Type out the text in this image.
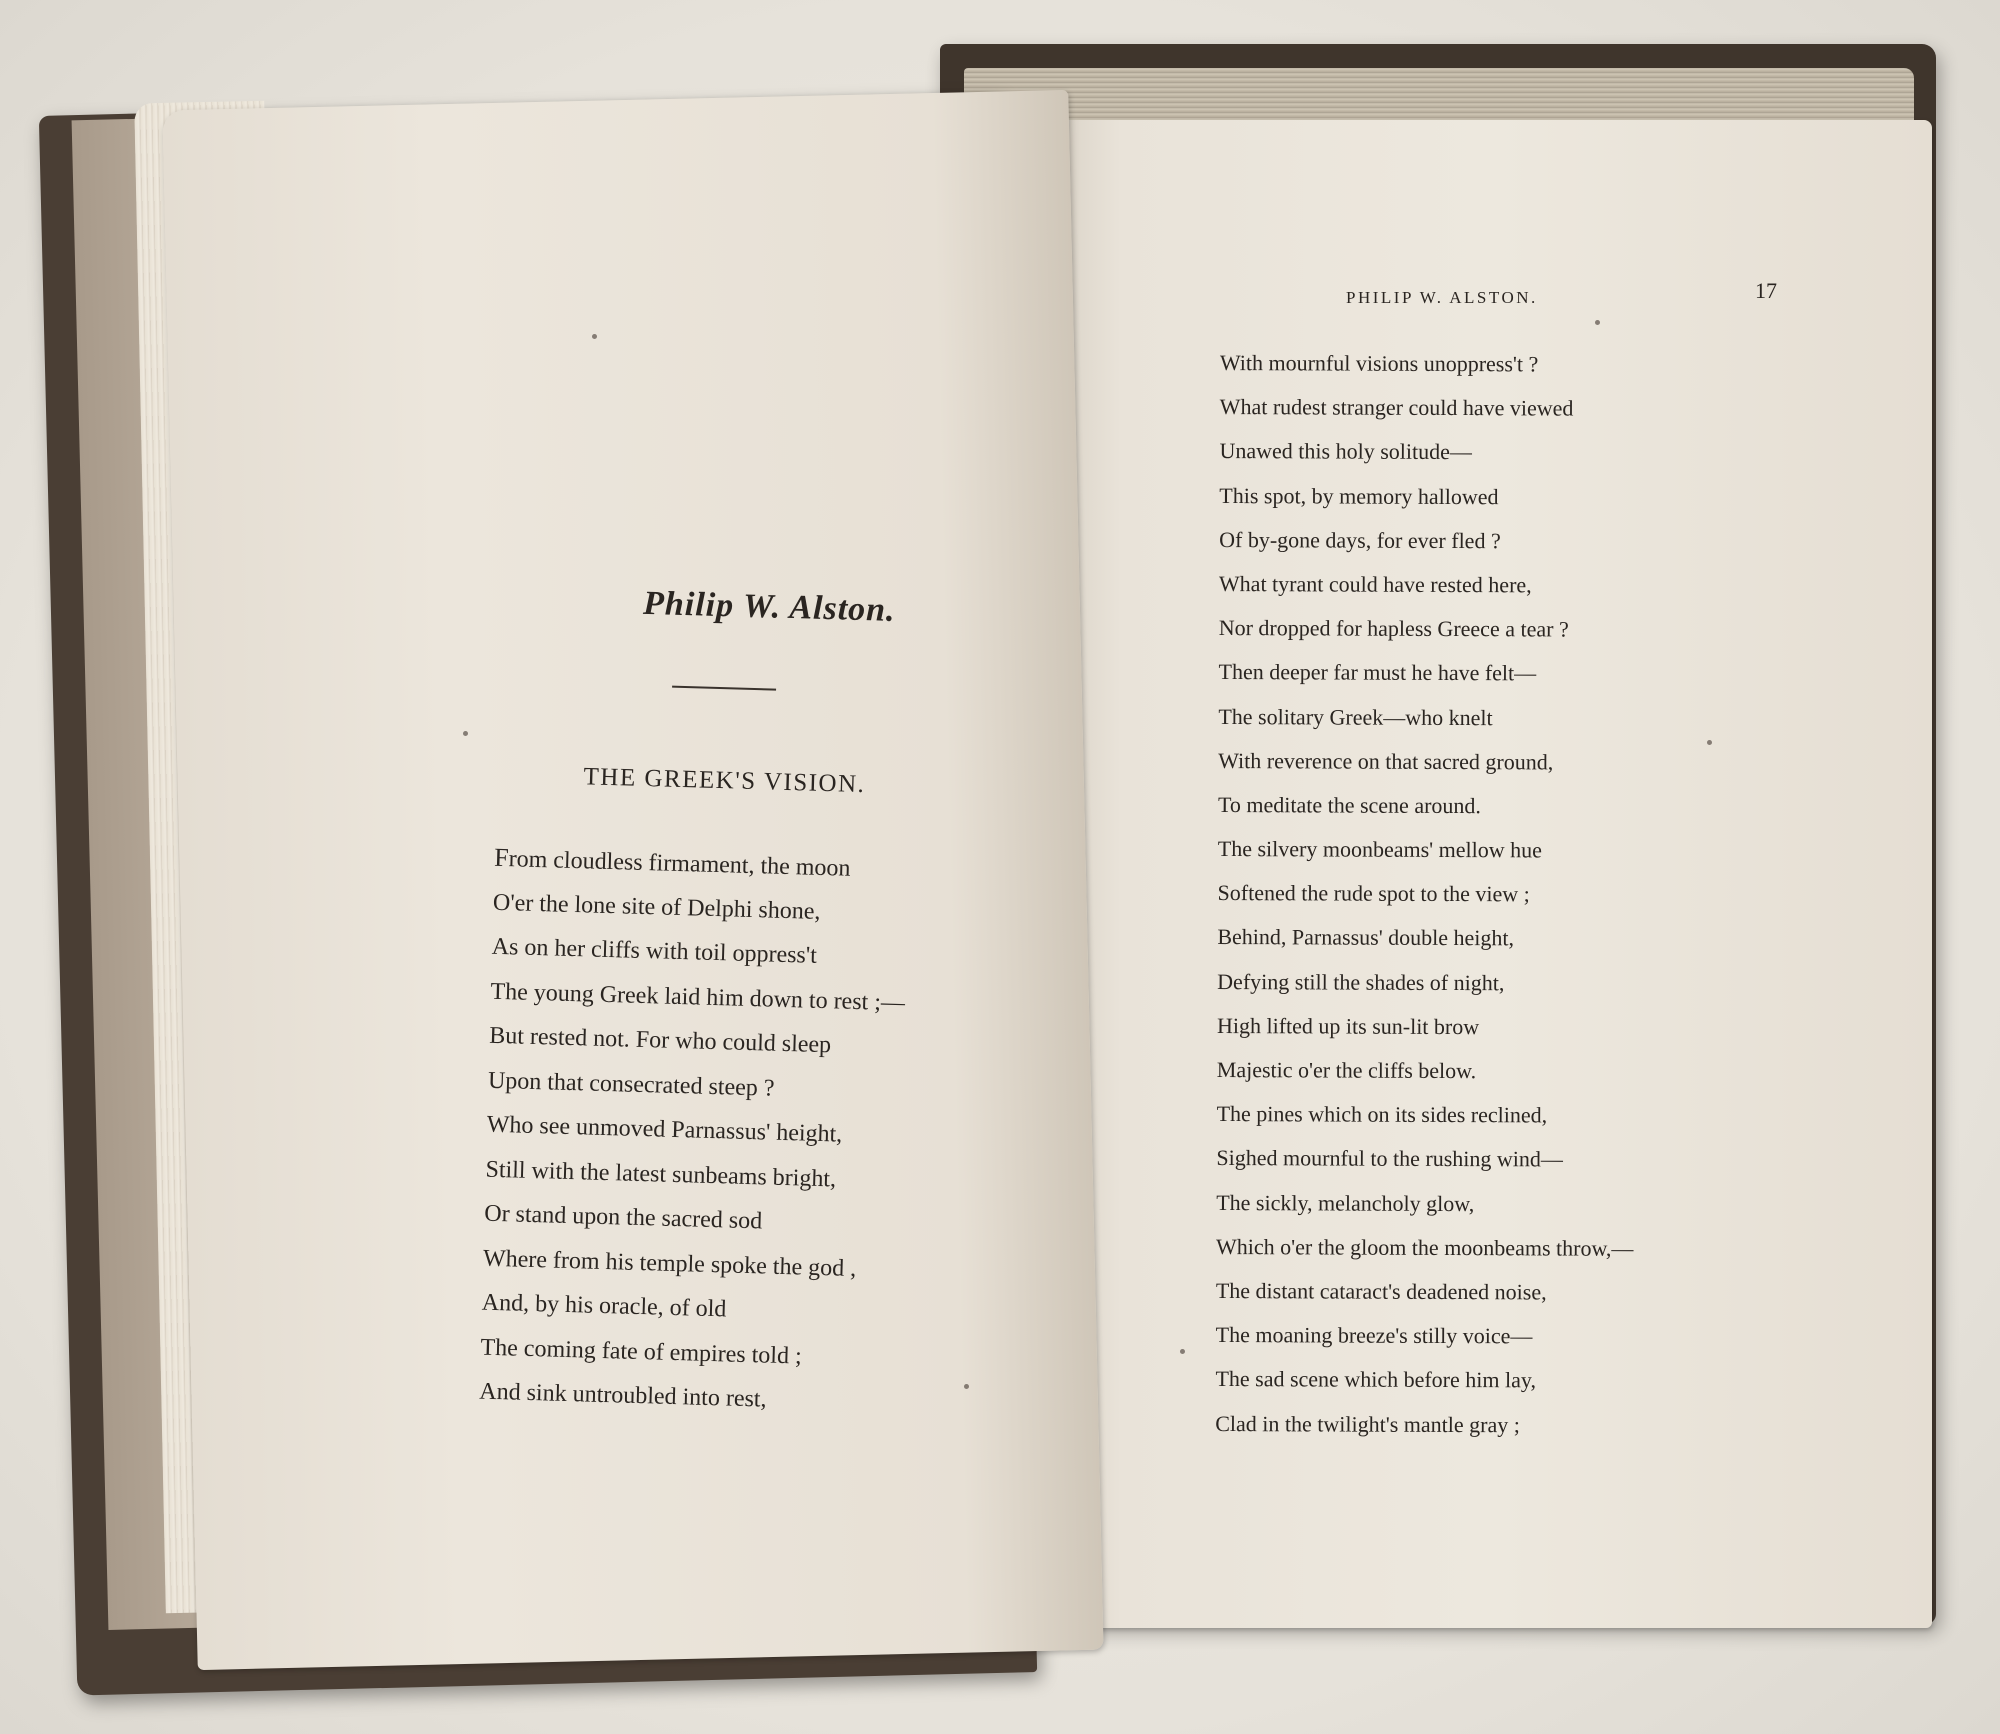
Philip W. Alston.
THE GREEK'S VISION.
From cloudless firmament, the moon
O'er the lone site of Delphi shone,
As on her cliffs with toil oppress't
The young Greek laid him down to rest ;—
But rested not. For who could sleep
Upon that consecrated steep ?
Who see unmoved Parnassus' height,
Still with the latest sunbeams bright,
Or stand upon the sacred sod
Where from his temple spoke the god ,
And, by his oracle, of old
The coming fate of empires told ;
And sink untroubled into rest,
PHILIP W. ALSTON.	17
With mournful visions unoppress't ?
What rudest stranger could have viewed
Unawed this holy solitude—
This spot, by memory hallowed
Of by-gone days, for ever fled ?
What tyrant could have rested here,
Nor dropped for hapless Greece a tear ?
Then deeper far must he have felt—
The solitary Greek—who knelt
With reverence on that sacred ground,
To meditate the scene around.
The silvery moonbeams' mellow hue
Softened the rude spot to the view ;
Behind, Parnassus' double height,
Defying still the shades of night,
High lifted up its sun-lit brow
Majestic o'er the cliffs below.
The pines which on its sides reclined,
Sighed mournful to the rushing wind—
The sickly, melancholy glow,
Which o'er the gloom the moonbeams throw,—
The distant cataract's deadened noise,
The moaning breeze's stilly voice—
The sad scene which before him lay,
Clad in the twilight's mantle gray ;
